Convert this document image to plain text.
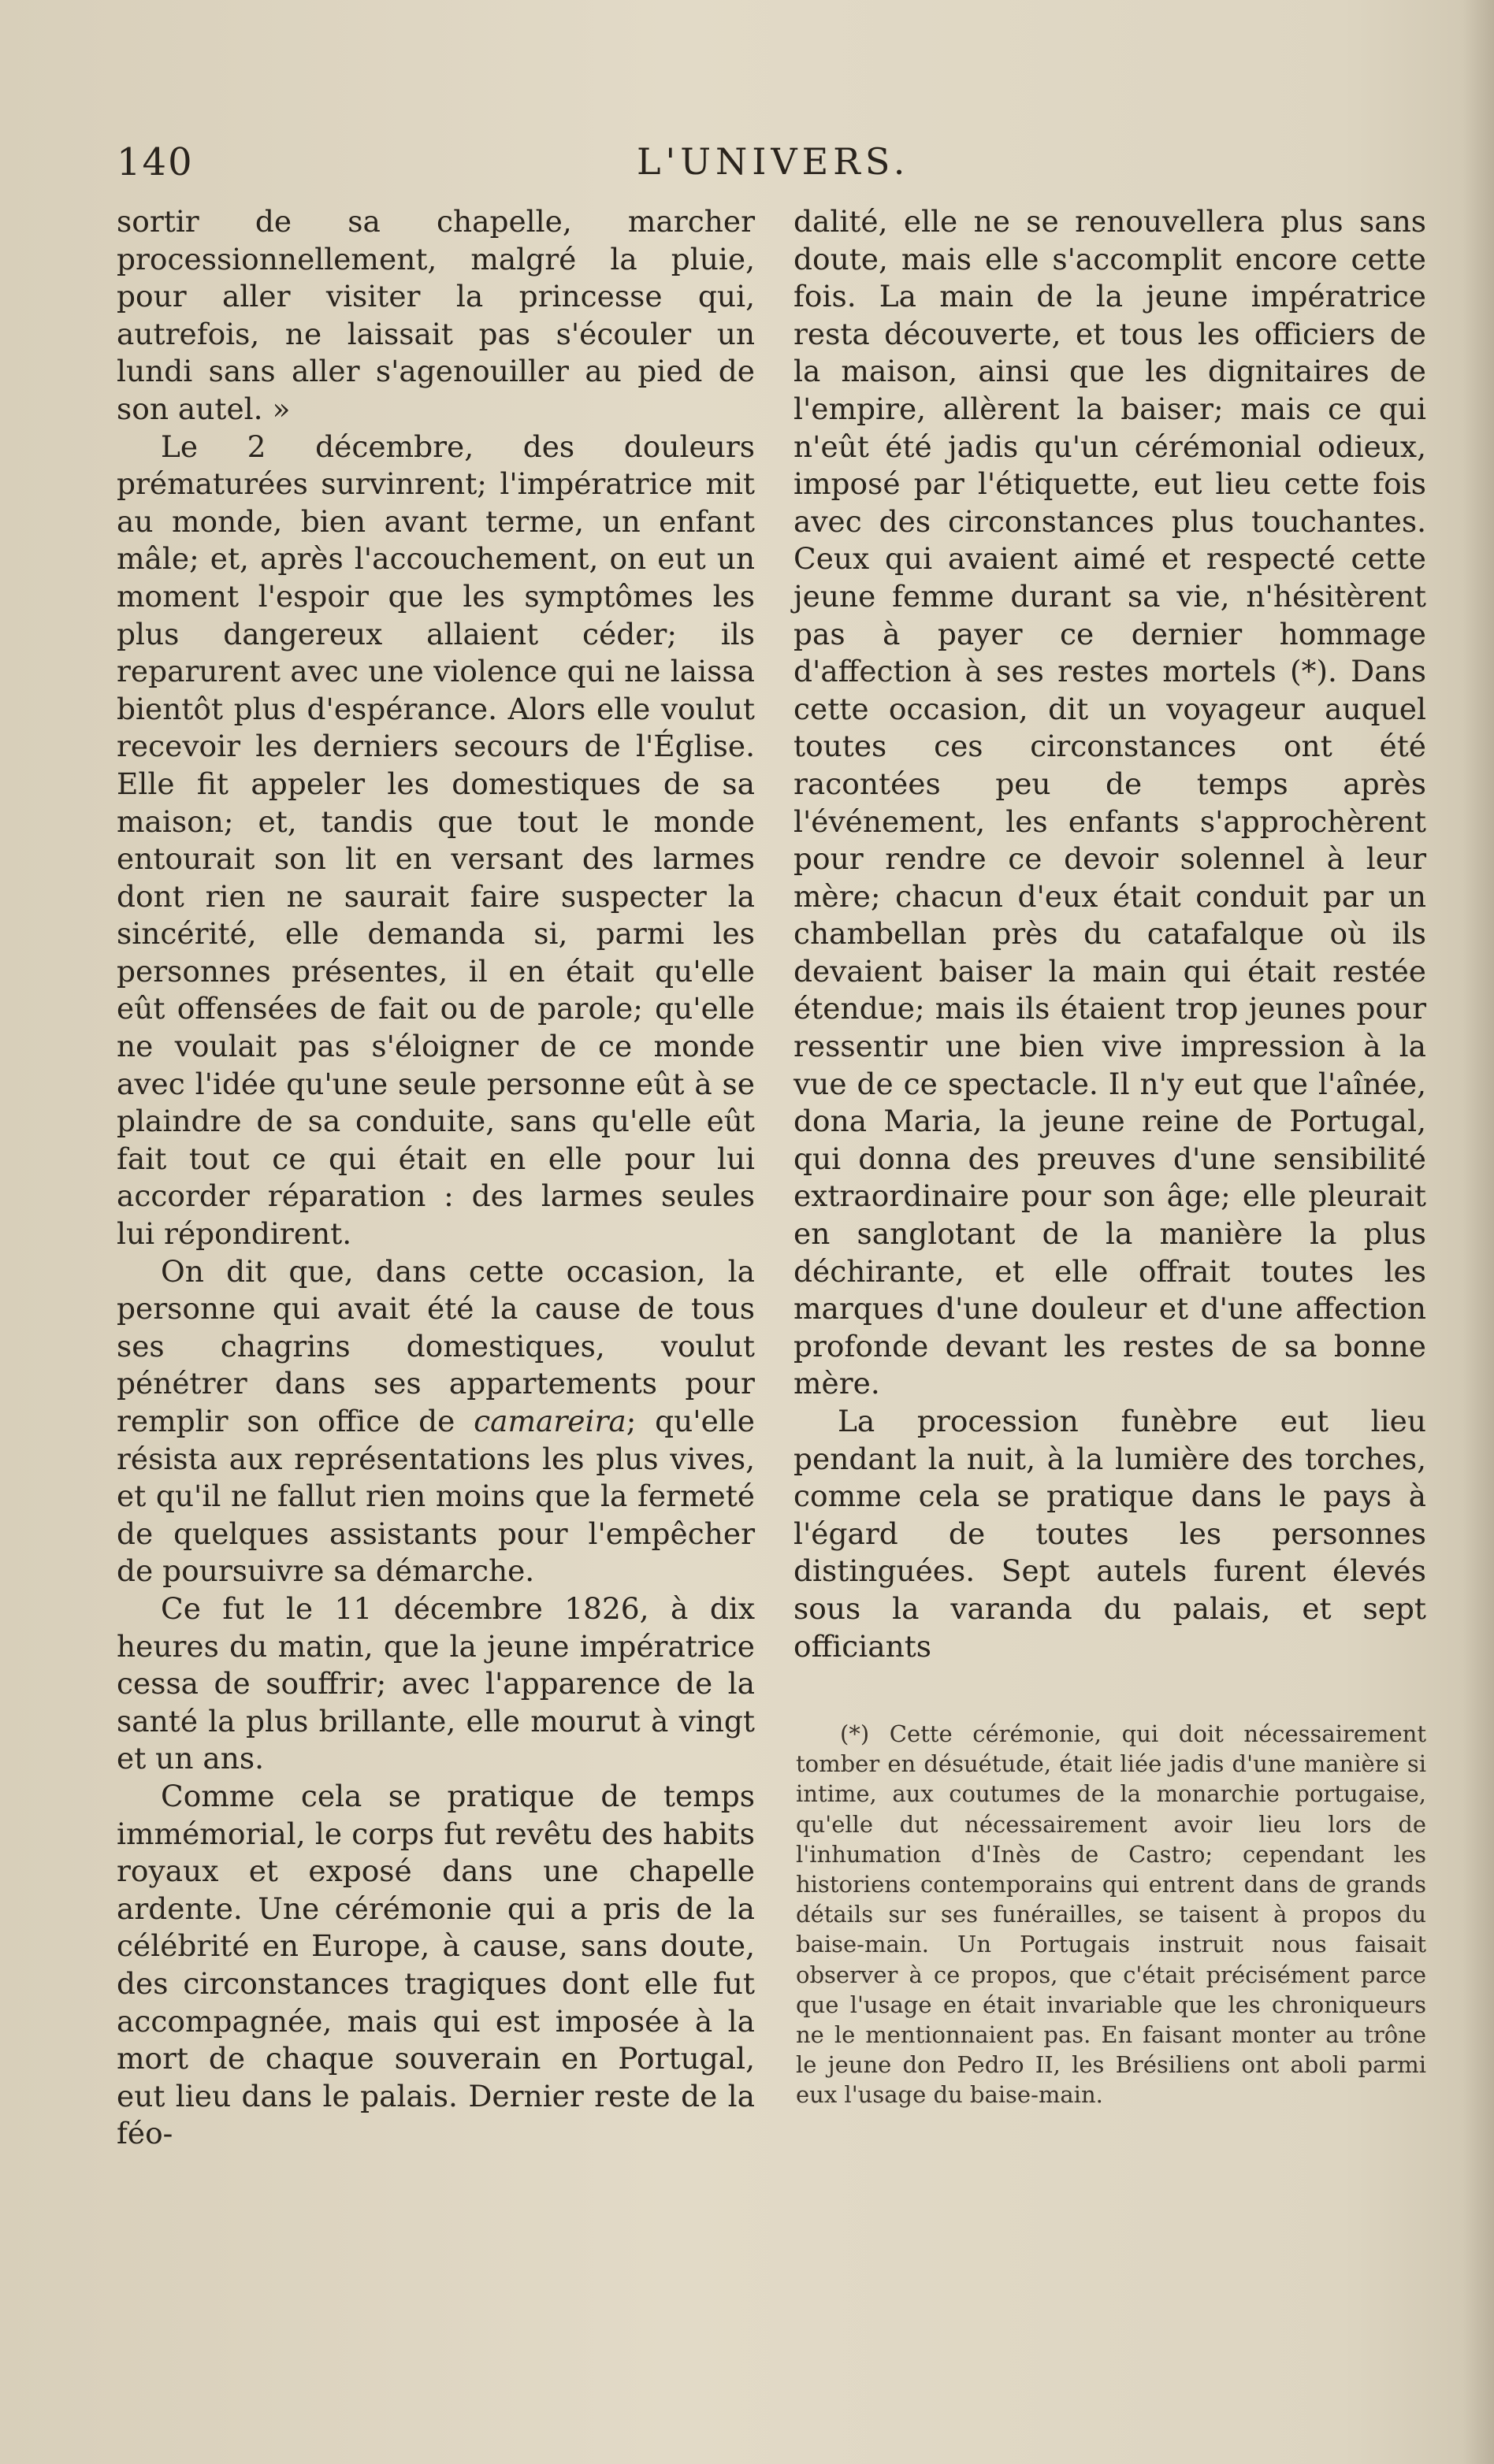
140	L'UNIVERS.

sortir de sa chapelle, marcher processionnellement, malgré la pluie, pour aller visiter la princesse qui, autrefois, ne laissait pas s'écouler un lundi sans aller s'agenouiller au pied de son autel. »

Le 2 décembre, des douleurs prématurées survinrent; l'impératrice mit au monde, bien avant terme, un enfant mâle; et, après l'accouchement, on eut un moment l'espoir que les symptômes les plus dangereux allaient céder; ils reparurent avec une violence qui ne laissa bientôt plus d'espérance. Alors elle voulut recevoir les derniers secours de l'Église. Elle fit appeler les domestiques de sa maison; et, tandis que tout le monde entourait son lit en versant des larmes dont rien ne saurait faire suspecter la sincérité, elle demanda si, parmi les personnes présentes, il en était qu'elle eût offensées de fait ou de parole; qu'elle ne voulait pas s'éloigner de ce monde avec l'idée qu'une seule personne eût à se plaindre de sa conduite, sans qu'elle eût fait tout ce qui était en elle pour lui accorder réparation : des larmes seules lui répondirent.

On dit que, dans cette occasion, la personne qui avait été la cause de tous ses chagrins domestiques, voulut pénétrer dans ses appartements pour remplir son office de camareira; qu'elle résista aux représentations les plus vives, et qu'il ne fallut rien moins que la fermeté de quelques assistants pour l'empêcher de poursuivre sa démarche.

Ce fut le 11 décembre 1826, à dix heures du matin, que la jeune impératrice cessa de souffrir; avec l'apparence de la santé la plus brillante, elle mourut à vingt et un ans.

Comme cela se pratique de temps immémorial, le corps fut revêtu des habits royaux et exposé dans une chapelle ardente. Une cérémonie qui a pris de la célébrité en Europe, à cause, sans doute, des circonstances tragiques dont elle fut accompagnée, mais qui est imposée à la mort de chaque souverain en Portugal, eut lieu dans le palais. Dernier reste de la féo-

dalité, elle ne se renouvellera plus sans doute, mais elle s'accomplit encore cette fois. La main de la jeune impératrice resta découverte, et tous les officiers de la maison, ainsi que les dignitaires de l'empire, allèrent la baiser; mais ce qui n'eût été jadis qu'un cérémonial odieux, imposé par l'étiquette, eut lieu cette fois avec des circonstances plus touchantes. Ceux qui avaient aimé et respecté cette jeune femme durant sa vie, n'hésitèrent pas à payer ce dernier hommage d'affection à ses restes mortels (*). Dans cette occasion, dit un voyageur auquel toutes ces circonstances ont été racontées peu de temps après l'événement, les enfants s'approchèrent pour rendre ce devoir solennel à leur mère; chacun d'eux était conduit par un chambellan près du catafalque où ils devaient baiser la main qui était restée étendue; mais ils étaient trop jeunes pour ressentir une bien vive impression à la vue de ce spectacle. Il n'y eut que l'aînée, dona Maria, la jeune reine de Portugal, qui donna des preuves d'une sensibilité extraordinaire pour son âge; elle pleurait en sanglotant de la manière la plus déchirante, et elle offrait toutes les marques d'une douleur et d'une affection profonde devant les restes de sa bonne mère.

La procession funèbre eut lieu pendant la nuit, à la lumière des torches, comme cela se pratique dans le pays à l'égard de toutes les personnes distinguées. Sept autels furent élevés sous la varanda du palais, et sept officiants

(*) Cette cérémonie, qui doit nécessairement tomber en désuétude, était liée jadis d'une manière si intime, aux coutumes de la monarchie portugaise, qu'elle dut nécessairement avoir lieu lors de l'inhumation d'Inès de Castro; cependant les historiens contemporains qui entrent dans de grands détails sur ses funérailles, se taisent à propos du baise-main. Un Portugais instruit nous faisait observer à ce propos, que c'était précisément parce que l'usage en était invariable que les chroniqueurs ne le mentionnaient pas. En faisant monter au trône le jeune don Pedro II, les Brésiliens ont aboli parmi eux l'usage du baise-main.
